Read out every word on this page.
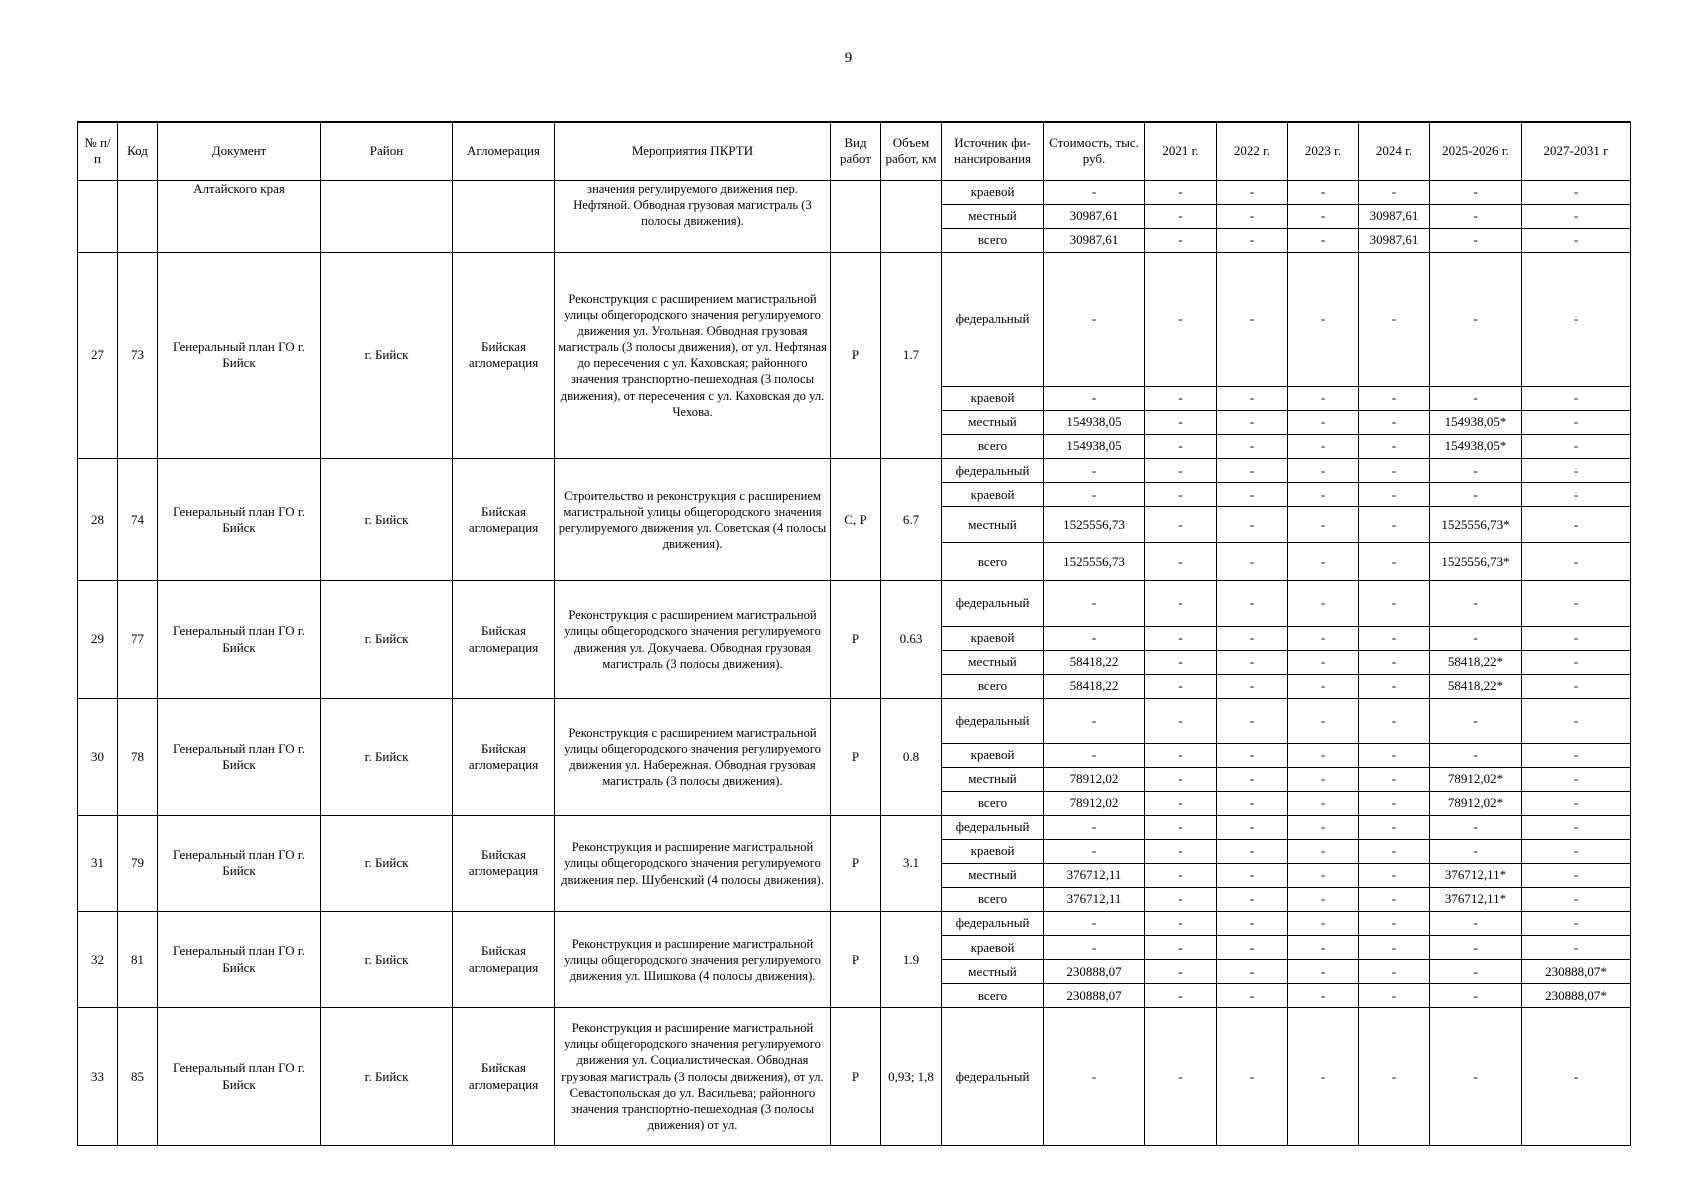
9
№ п/п	Код	Документ	Район	Агломерация	Мероприятия ПКРТИ	Вид работ	Объем работ, км	Источник фи-нансирования	Стоимость, тыс. руб.	2021 г.	2022 г.	2023 г.	2024 г.	2025-2026 г.	2027-2031 г
		Алтайского края			значения регулируемого движения пер. Нефтяной. Обводная грузовая магистраль (3 полосы движения).			краевой	-	-	-	-	-	-	-
								местный	30987,61	-	-	-	30987,61	-	-
								всего	30987,61	-	-	-	30987,61	-	-
27	73	Генеральный план ГО г. Бийск	г. Бийск	Бийская агломерация	Реконструкция с расширением магистральной улицы общегородского значения регулируемого движения ул. Угольная. Обводная грузовая магистраль (3 полосы движения), от ул. Нефтяная до пересечения с ул. Каховская; районного значения транспортно-пешеходная (3 полосы движения), от пересечения с ул. Каховская до ул. Чехова.	Р	1.7	федеральный	-	-	-	-	-	-	-
								краевой	-	-	-	-	-	-	-
								местный	154938,05	-	-	-	-	154938,05*	-
								всего	154938,05	-	-	-	-	154938,05*	-
28	74	Генеральный план ГО г. Бийск	г. Бийск	Бийская агломерация	Строительство и реконструкция с расширением магистральной улицы общегородского значения регулируемого движения ул. Советская (4 полосы движения).	С, Р	6.7	федеральный	-	-	-	-	-	-	-
								краевой	-	-	-	-	-	-	-
								местный	1525556,73	-	-	-	-	1525556,73*	-
								всего	1525556,73	-	-	-	-	1525556,73*	-
29	77	Генеральный план ГО г. Бийск	г. Бийск	Бийская агломерация	Реконструкция с расширением магистральной улицы общегородского значения регулируемого движения ул. Докучаева. Обводная грузовая магистраль (3 полосы движения).	Р	0.63	федеральный	-	-	-	-	-	-	-
								краевой	-	-	-	-	-	-	-
								местный	58418,22	-	-	-	-	58418,22*	-
								всего	58418,22	-	-	-	-	58418,22*	-
30	78	Генеральный план ГО г. Бийск	г. Бийск	Бийская агломерация	Реконструкция с расширением магистральной улицы общегородского значения регулируемого движения ул. Набережная. Обводная грузовая магистраль (3 полосы движения).	Р	0.8	федеральный	-	-	-	-	-	-	-
								краевой	-	-	-	-	-	-	-
								местный	78912,02	-	-	-	-	78912,02*	-
								всего	78912,02	-	-	-	-	78912,02*	-
31	79	Генеральный план ГО г. Бийск	г. Бийск	Бийская агломерация	Реконструкция и расширение магистральной улицы общегородского значения регулируемого движения пер. Шубенский (4 полосы движения).	Р	3.1	федеральный	-	-	-	-	-	-	-
								краевой	-	-	-	-	-	-	-
								местный	376712,11	-	-	-	-	376712,11*	-
								всего	376712,11	-	-	-	-	376712,11*	-
32	81	Генеральный план ГО г. Бийск	г. Бийск	Бийская агломерация	Реконструкция и расширение магистральной улицы общегородского значения регулируемого движения ул. Шишкова (4 полосы движения).	Р	1.9	федеральный	-	-	-	-	-	-	-
								краевой	-	-	-	-	-	-	-
								местный	230888,07	-	-	-	-	-	230888,07*
								всего	230888,07	-	-	-	-	-	230888,07*
33	85	Генеральный план ГО г. Бийск	г. Бийск	Бийская агломерация	Реконструкция и расширение магистральной улицы общегородского значения регулируемого движения ул. Социалистическая. Обводная грузовая магистраль (3 полосы движения), от ул. Севастопольская до ул. Васильева; районного значения транспортно-пешеходная (3 полосы движения) от ул.	Р	0,93; 1,8	федеральный	-	-	-	-	-	-	-
